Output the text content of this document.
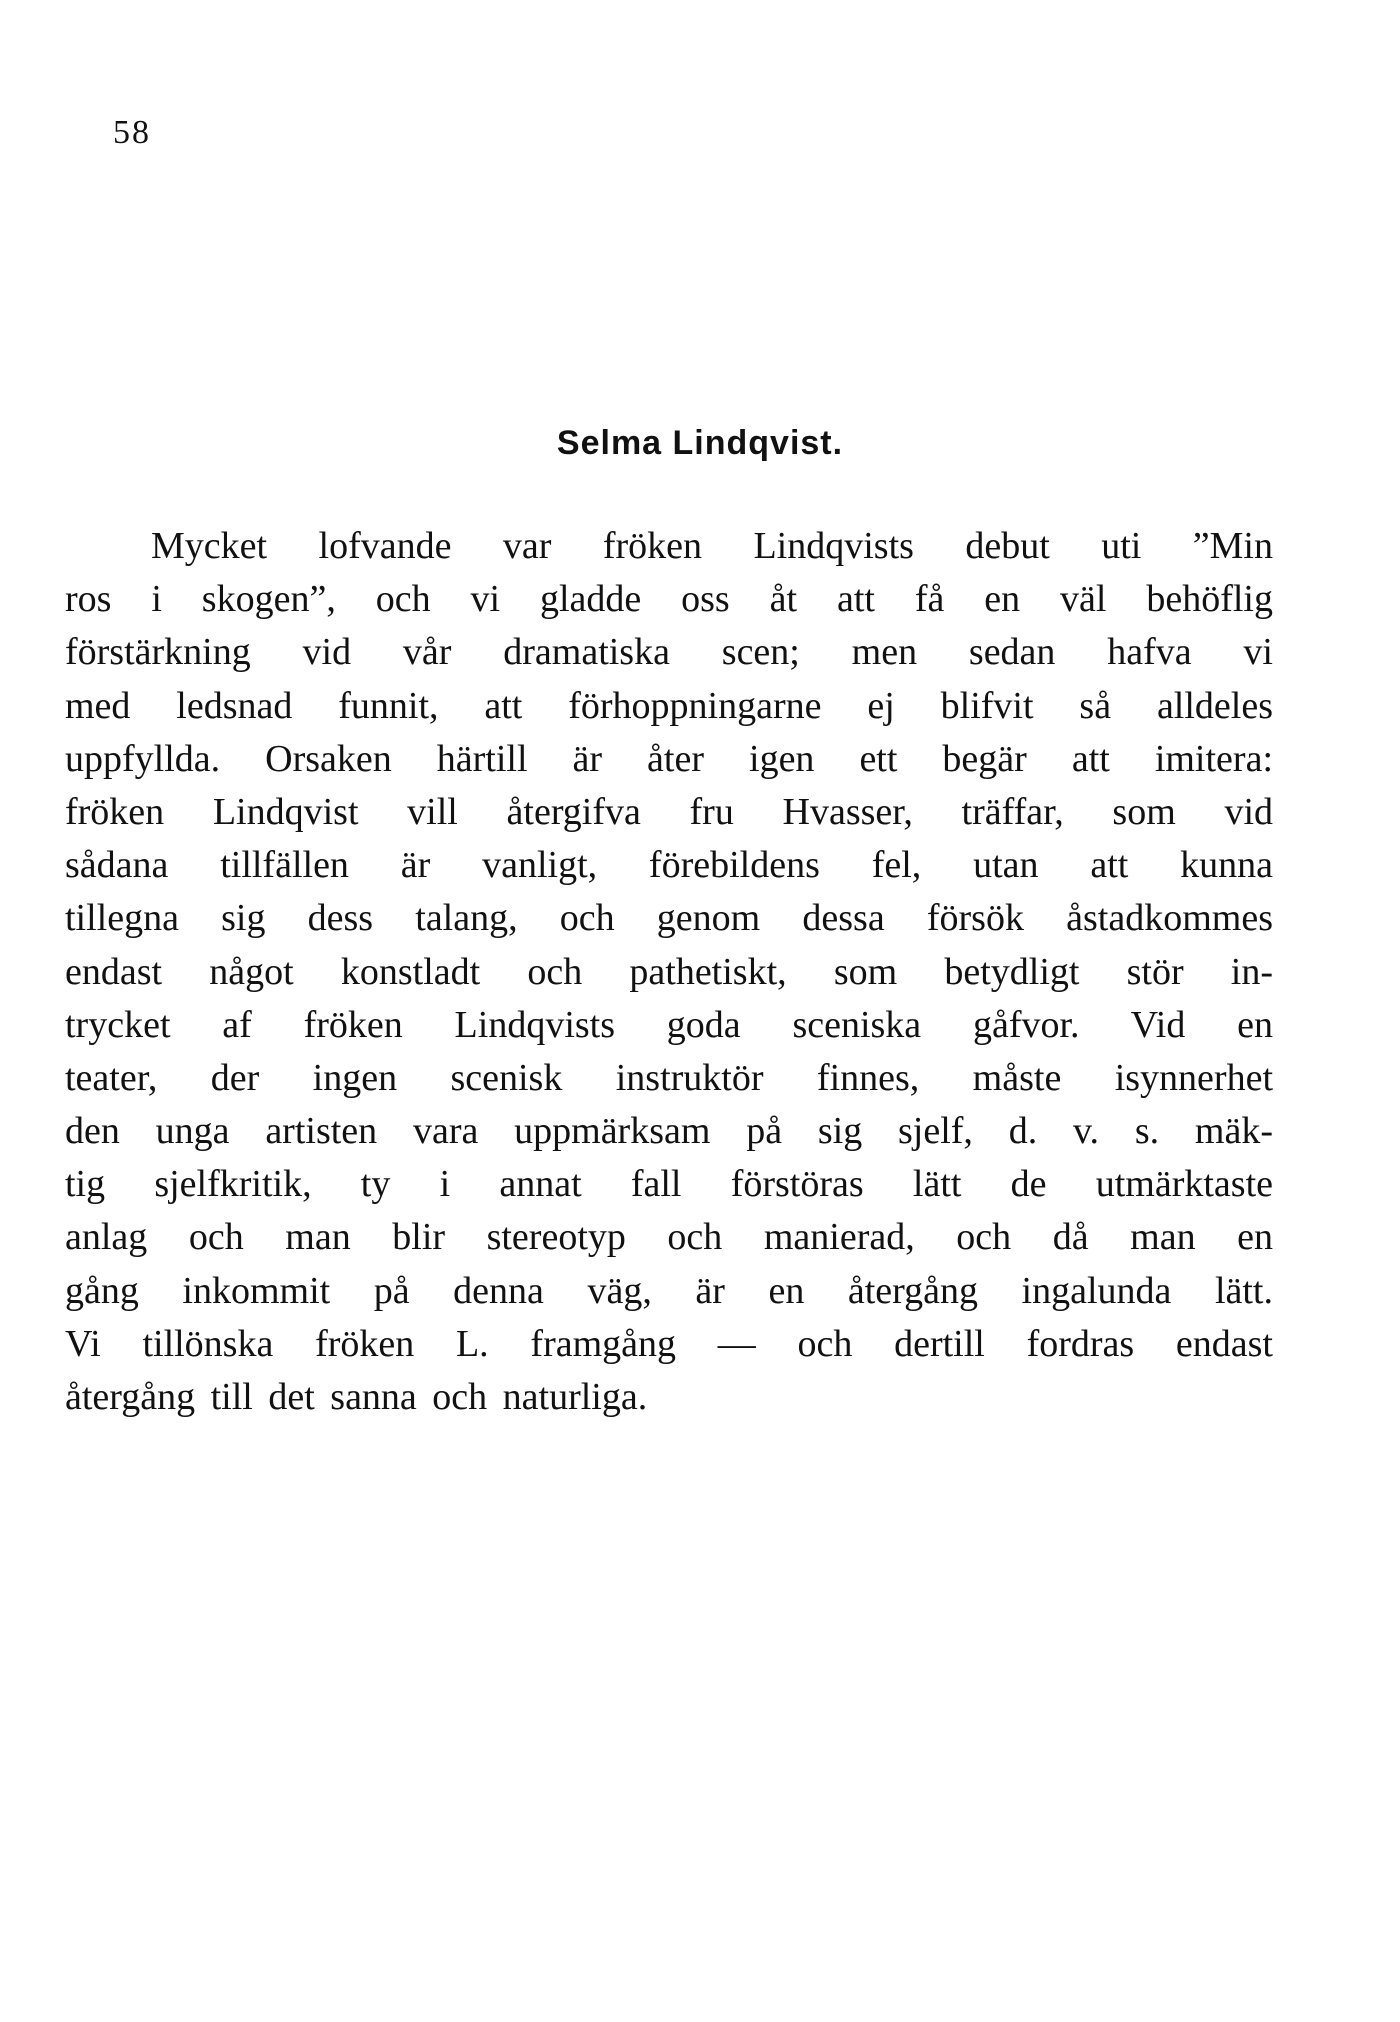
58
Selma Lindqvist.
Mycket lofvande var fröken Lindqvists debut uti ”Min
ros i skogen”, och vi gladde oss åt att få en väl behöflig
förstärkning vid vår dramatiska scen; men sedan hafva vi
med ledsnad funnit, att förhoppningarne ej blifvit så alldeles
uppfyllda. Orsaken härtill är åter igen ett begär att imitera:
fröken Lindqvist vill återgifva fru Hvasser, träffar, som vid
sådana tillfällen är vanligt, förebildens fel, utan att kunna
tillegna sig dess talang, och genom dessa försök åstadkommes
endast något konstladt och pathetiskt, som betydligt stör in-
trycket af fröken Lindqvists goda sceniska gåfvor. Vid en
teater, der ingen scenisk instruktör finnes, måste isynnerhet
den unga artisten vara uppmärksam på sig sjelf, d. v. s. mäk-
tig sjelfkritik, ty i annat fall förstöras lätt de utmärktaste
anlag och man blir stereotyp och manierad, och då man en
gång inkommit på denna väg, är en återgång ingalunda lätt.
Vi tillönska fröken L. framgång — och dertill fordras endast
återgång till det sanna och naturliga.
